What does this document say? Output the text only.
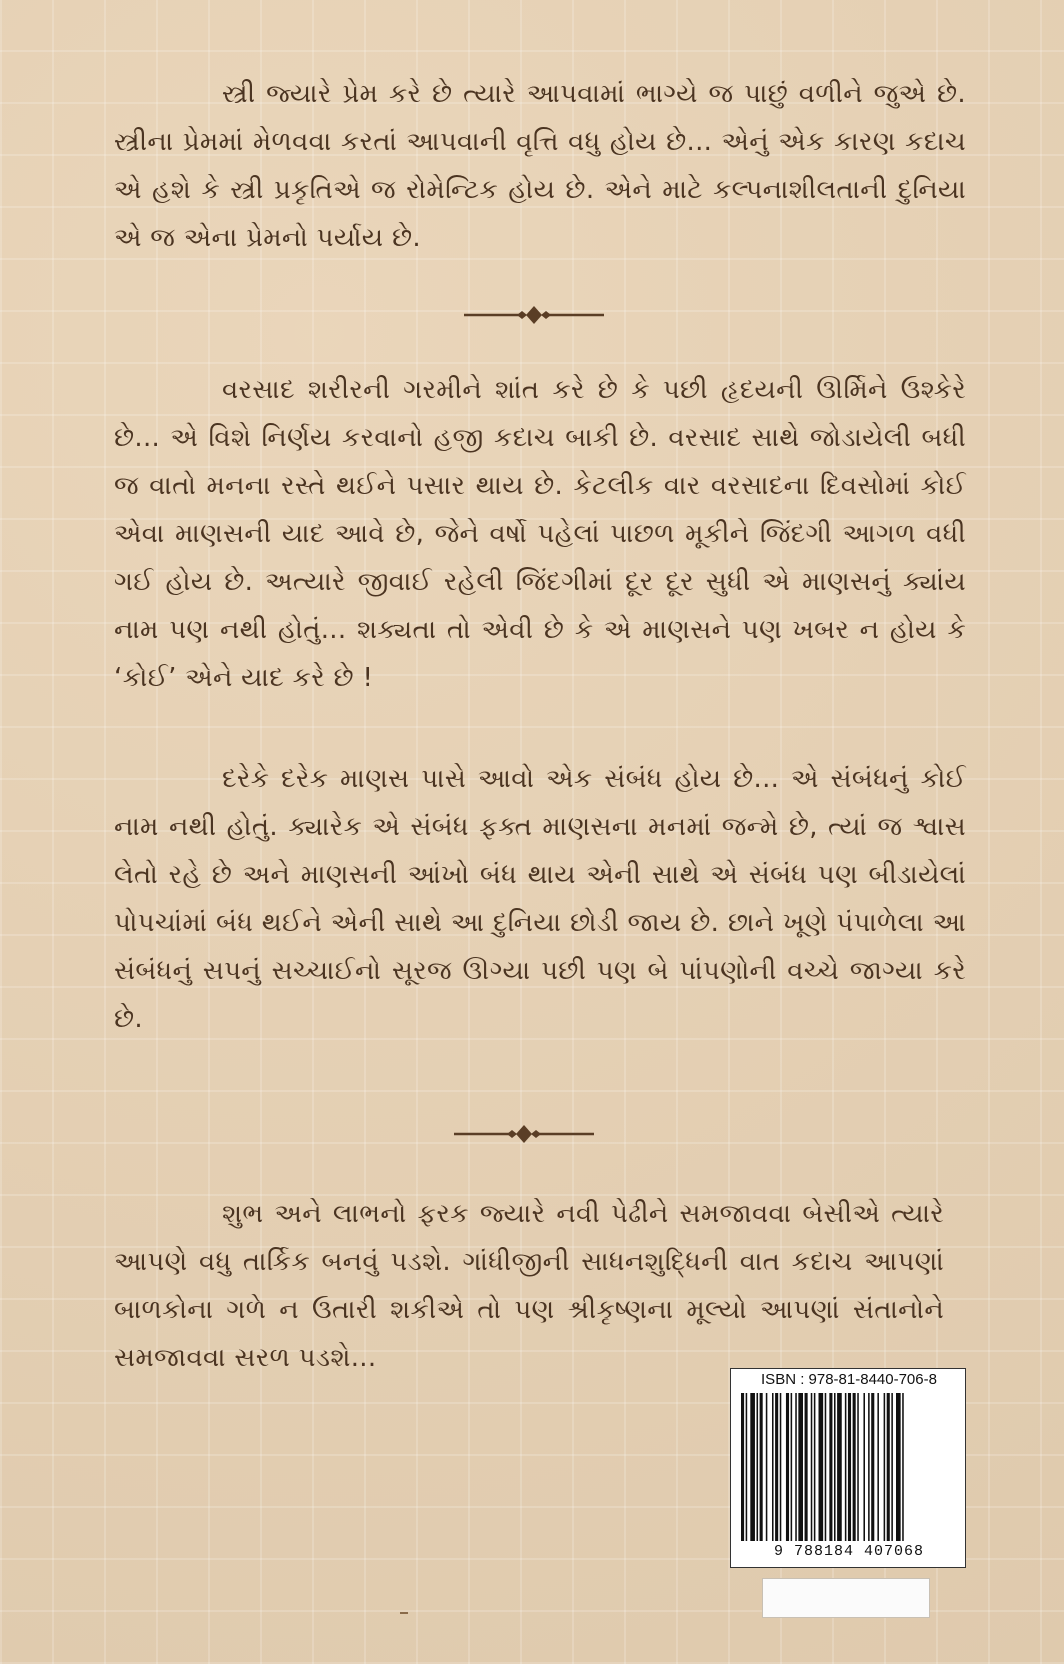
સ્ત્રી જ્યારે પ્રેમ કરે છે ત્યારે આપવામાં ભાગ્યે જ પાછું વળીને જુએ છે. સ્ત્રીના પ્રેમમાં મેળવવા કરતાં આપવાની વૃત્તિ વધુ હોય છે... એનું એક કારણ કદાચ એ હશે કે સ્ત્રી પ્રકૃતિએ જ રોમેન્ટિક હોય છે. એને માટે કલ્પનાશીલતાની દુનિયા એ જ એના પ્રેમનો પર્યાય છે.

વરસાદ શરીરની ગરમીને શાંત કરે છે કે પછી હૃદયની ઊર્મિને ઉશ્કેરે છે... એ વિશે નિર્ણય કરવાનો હજી કદાચ બાકી છે. વરસાદ સાથે જોડાયેલી બધી જ વાતો મનના રસ્તે થઈને પસાર થાય છે. કેટલીક વાર વરસાદના દિવસોમાં કોઈ એવા માણસની યાદ આવે છે, જેને વર્ષો પહેલાં પાછળ મૂકીને જિંદગી આગળ વધી ગઈ હોય છે. અત્યારે જીવાઈ રહેલી જિંદગીમાં દૂર દૂર સુધી એ માણસનું ક્યાંય નામ પણ નથી હોતું... શક્યતા તો એવી છે કે એ માણસને પણ ખબર ન હોય કે ‘કોઈ’ એને યાદ કરે છે !

દરેકે દરેક માણસ પાસે આવો એક સંબંધ હોય છે... એ સંબંધનું કોઈ નામ નથી હોતું. ક્યારેક એ સંબંધ ફક્ત માણસના મનમાં જન્મે છે, ત્યાં જ શ્વાસ લેતો રહે છે અને માણસની આંખો બંધ થાય એની સાથે એ સંબંધ પણ બીડાયેલાં પોપચાંમાં બંધ થઈને એની સાથે આ દુનિયા છોડી જાય છે. છાને ખૂણે પંપાળેલા આ સંબંધનું સપનું સચ્ચાઈનો સૂરજ ઊગ્યા પછી પણ બે પાંપણોની વચ્ચે જાગ્યા કરે છે.

શુભ અને લાભનો ફરક જ્યારે નવી પેઢીને સમજાવવા બેસીએ ત્યારે આપણે વધુ તાર્કિક બનવું પડશે. ગાંધીજીની સાધનશુદ્ધિની વાત કદાચ આપણાં બાળકોના ગળે ન ઉતારી શકીએ તો પણ શ્રીકૃષ્ણના મૂલ્યો આપણાં સંતાનોને સમજાવવા સરળ પડશે...

ISBN : 978-81-8440-706-8
9 788184 407068
